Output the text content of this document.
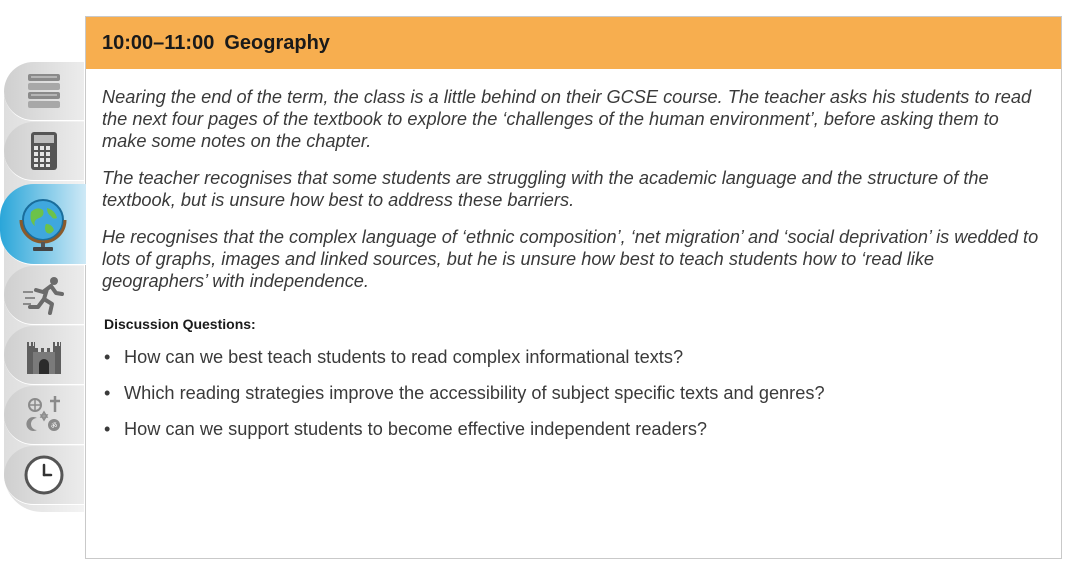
ॐ
10:00–11:00 Geography

Nearing the end of the term, the class is a little behind on their GCSE course. The teacher asks his students to read the next four pages of the textbook to explore the ‘challenges of the human environment’, before asking them to make some notes on the chapter.

The teacher recognises that some students are struggling with the academic language and the structure of the textbook, but is unsure how best to address these barriers.

He recognises that the complex language of ‘ethnic composition’, ‘net migration’ and ‘social deprivation’ is wedded to lots of graphs, images and linked sources, but he is unsure how best to teach students how to ‘read like geographers’ with independence.

Discussion Questions:
• How can we best teach students to read complex informational texts?
• Which reading strategies improve the accessibility of subject specific texts and genres?
• How can we support students to become effective independent readers?
